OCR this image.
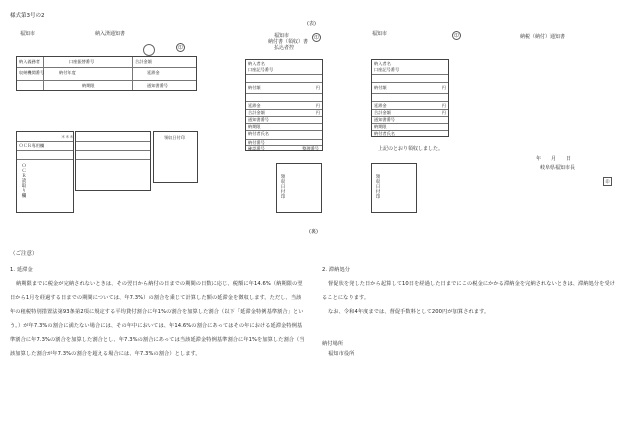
様式第3号の2
(表)
福知市	納入済通知書
印
納入義務者	口座振替番号	合計金額
収納機関番号	納付年度	延滞金
納期限	通知書番号
＊＊＊
ＯＣＲ専用欄
ＯＣＲ読取り欄
領収日付印
福知市
納付書（領収）書
払込者控
印
納入者名
口座記号番号
納付額	円
延滞金	円
合計金額	円
通知書番号
納期限
納付者氏名
納付番号
確認番号	整理番号
領収日付印
福知市	印	納税（納付）通知書
納入者名
口座記号番号
納付額	円
延滞金	円
合計金額	円
通知書番号
納期限
納付者氏名
上記のとおり領収しました。
年　　月　　日
岐阜県福知市長
印
領収日付印
(裏)
（ご注意）
1. 延滞金
納期限までに税金が完納されないときは、その翌日から納付の日までの期間の日数に応じ、税額に年14.6%（納期限の翌
日から1月を経過する日までの期間については、年7.3%）の割合を乗じて計算した額の延滞金を徴収します。ただし、当該
年の租税特別措置法第93条第2項に規定する平均貸付割合に年1%の割合を加算した割合（以下「延滞金特例基準割合」とい
う。）が年7.3%の割合に満たない場合には、その年中においては、年14.6%の割合にあってはその年における延滞金特例基
準割合に年7.3%の割合を加算した割合とし、年7.3%の割合にあっては当該延滞金特例基準割合に年1%を加算した割合（当
該加算した割合が年7.3%の割合を超える場合には、年7.3%の割合）とします。
2. 滞納処分
督促状を発した日から起算して10日を経過した日までにこの税金にかかる滞納金を完納されないときは、滞納処分を受け
ることになります。
なお、令和4年度までは、督促手数料として200円が加算されます。
納付場所
福知市役所
